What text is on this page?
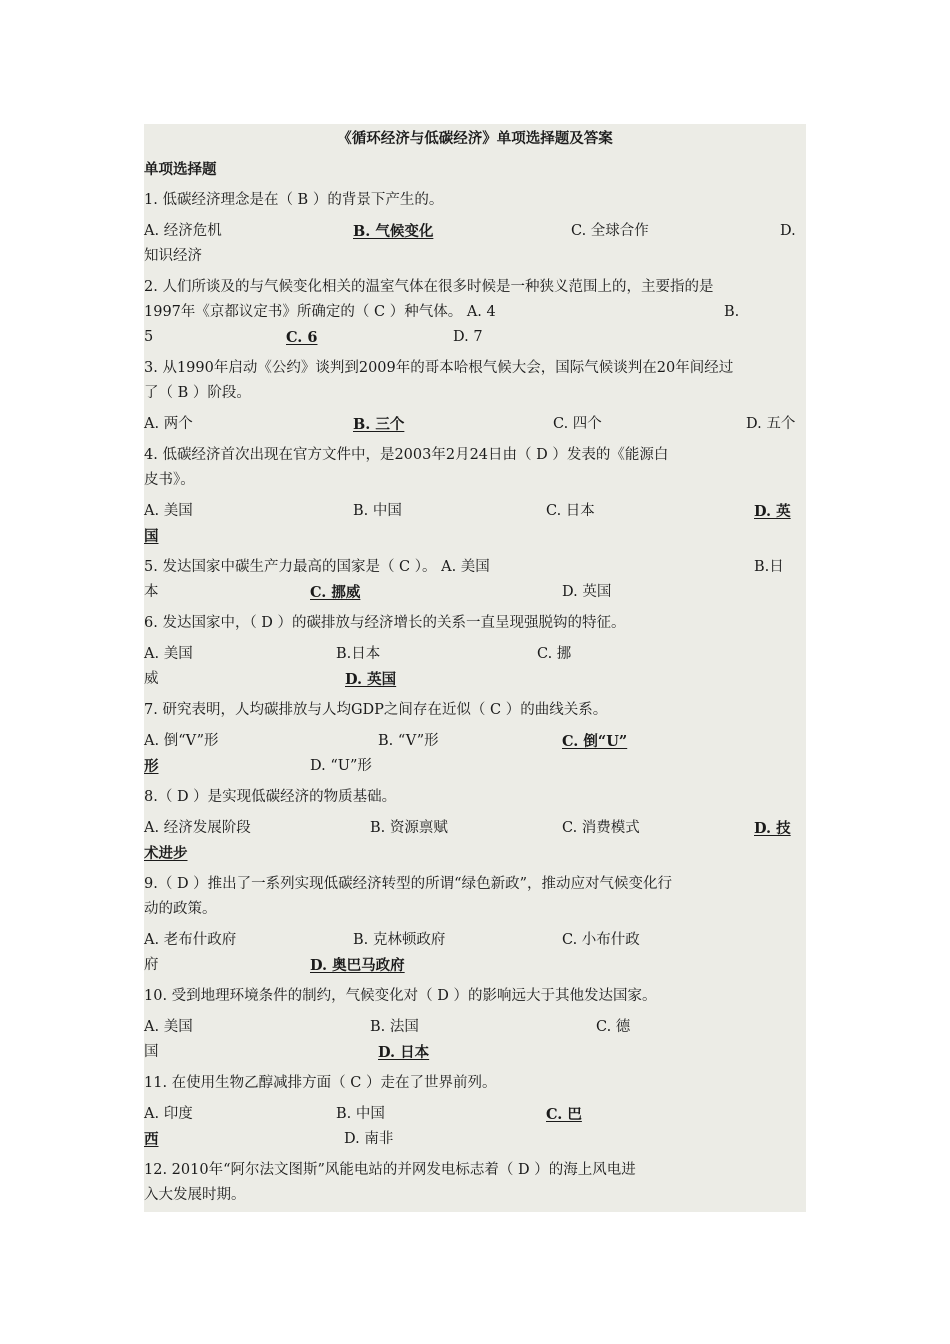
《循环经济与低碳经济》单项选择题及答案
单项选择题
1. 低碳经济理念是在（ B ）的背景下产生的。
A. 经济危机	B. 气候变化	C. 全球合作	D.
知识经济
2. 人们所谈及的与气候变化相关的温室气体在很多时候是一种狭义范围上的，主要指的是
1997年《京都议定书》所确定的（ C ）种气体。 A. 4	B.
5	C. 6	D. 7
3. 从1990年启动《公约》谈判到2009年的哥本哈根气候大会，国际气候谈判在20年间经过
了（ B ）阶段。
A. 两个	B. 三个	C. 四个	D. 五个
4. 低碳经济首次出现在官方文件中，是2003年2月24日由（ D ）发表的《能源白
皮书》。
A. 美国	B. 中国	C. 日本	D. 英
国
5. 发达国家中碳生产力最高的国家是（ C ）。 A. 美国	B.日
本	C. 挪威	D. 英国
6. 发达国家中，（ D ）的碳排放与经济增长的关系一直呈现强脱钩的特征。
A. 美国	B.日本	C. 挪
威	D. 英国
7. 研究表明，人均碳排放与人均GDP之间存在近似（ C ）的曲线关系。
A. 倒“V”形	B. “V”形	C. 倒“U”
形	D. “U”形
8.（ D ）是实现低碳经济的物质基础。
A. 经济发展阶段	B. 资源禀赋	C. 消费模式	D. 技
术进步
9.（ D ）推出了一系列实现低碳经济转型的所谓“绿色新政”，推动应对气候变化行
动的政策。
A. 老布什政府	B. 克林顿政府	C. 小布什政
府	D. 奥巴马政府
10. 受到地理环境条件的制约，气候变化对（ D ）的影响远大于其他发达国家。
A. 美国	B. 法国	C. 德
国	D. 日本
11. 在使用生物乙醇减排方面（ C ）走在了世界前列。
A. 印度	B. 中国	C. 巴
西	D. 南非
12. 2010年“阿尔法文图斯”风能电站的并网发电标志着（ D ）的海上风电进
入大发展时期。
